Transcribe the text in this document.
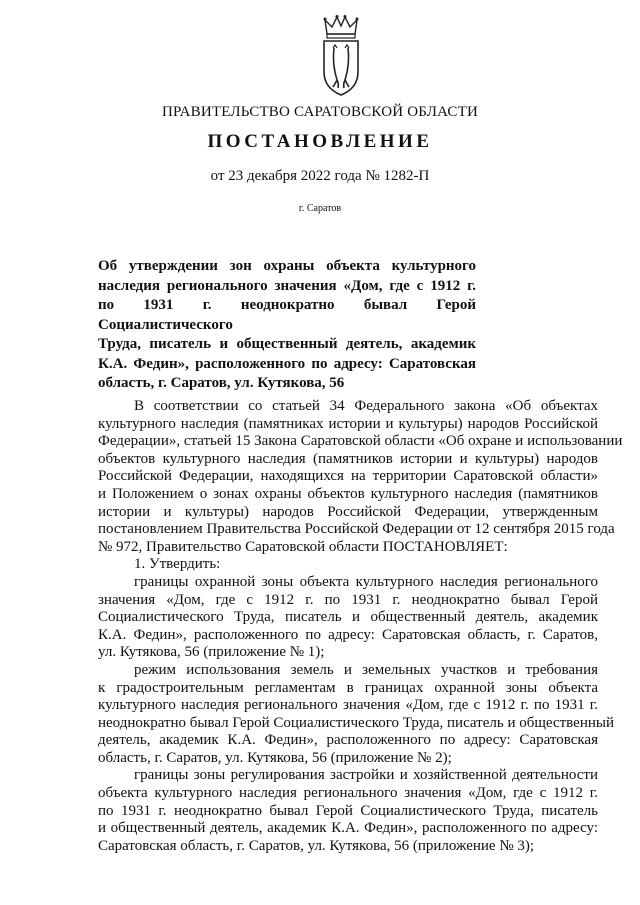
ПРАВИТЕЛЬСТВО САРАТОВСКОЙ ОБЛАСТИ
ПОСТАНОВЛЕНИЕ
от 23 декабря 2022 года № 1282-П
г. Саратов
Об утверждении зон охраны объекта культурного
наследия регионального значения «Дом, где с 1912 г.
по 1931 г. неоднократно бывал Герой Социалистического
Труда, писатель и общественный деятель, академик
К.А. Федин», расположенного по адресу: Саратовская
область, г. Саратов, ул. Кутякова, 56
В соответствии со статьей 34 Федерального закона «Об объектах
культурного наследия (памятниках истории и культуры) народов Российской
Федерации», статьей 15 Закона Саратовской области «Об охране и использовании
объектов культурного наследия (памятников истории и культуры) народов
Российской Федерации, находящихся на территории Саратовской области»
и Положением о зонах охраны объектов культурного наследия (памятников
истории и культуры) народов Российской Федерации, утвержденным
постановлением Правительства Российской Федерации от 12 сентября 2015 года
№ 972, Правительство Саратовской области ПОСТАНОВЛЯЕТ:
1. Утвердить:
границы охранной зоны объекта культурного наследия регионального
значения «Дом, где с 1912 г. по 1931 г. неоднократно бывал Герой
Социалистического Труда, писатель и общественный деятель, академик
К.А. Федин», расположенного по адресу: Саратовская область, г. Саратов,
ул. Кутякова, 56 (приложение № 1);
режим использования земель и земельных участков и требования
к градостроительным регламентам в границах охранной зоны объекта
культурного наследия регионального значения «Дом, где с 1912 г. по 1931 г.
неоднократно бывал Герой Социалистического Труда, писатель и общественный
деятель, академик К.А. Федин», расположенного по адресу: Саратовская
область, г. Саратов, ул. Кутякова, 56 (приложение № 2);
границы зоны регулирования застройки и хозяйственной деятельности
объекта культурного наследия регионального значения «Дом, где с 1912 г.
по 1931 г. неоднократно бывал Герой Социалистического Труда, писатель
и общественный деятель, академик К.А. Федин», расположенного по адресу:
Саратовская область, г. Саратов, ул. Кутякова, 56 (приложение № 3);
